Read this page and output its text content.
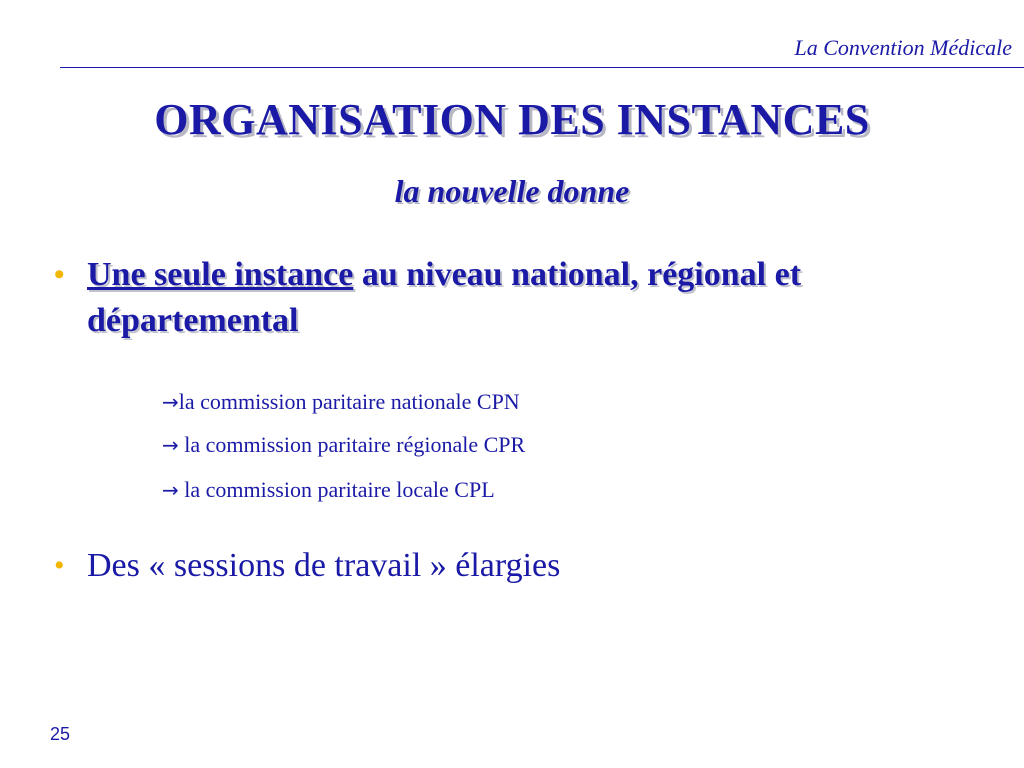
La Convention Médicale
ORGANISATION DES INSTANCES
la nouvelle donne
• Une seule instance au niveau national, régional et départemental
→la commission paritaire nationale CPN
→ la commission paritaire régionale CPR
→ la commission paritaire locale CPL
• Des « sessions de travail » élargies
25
